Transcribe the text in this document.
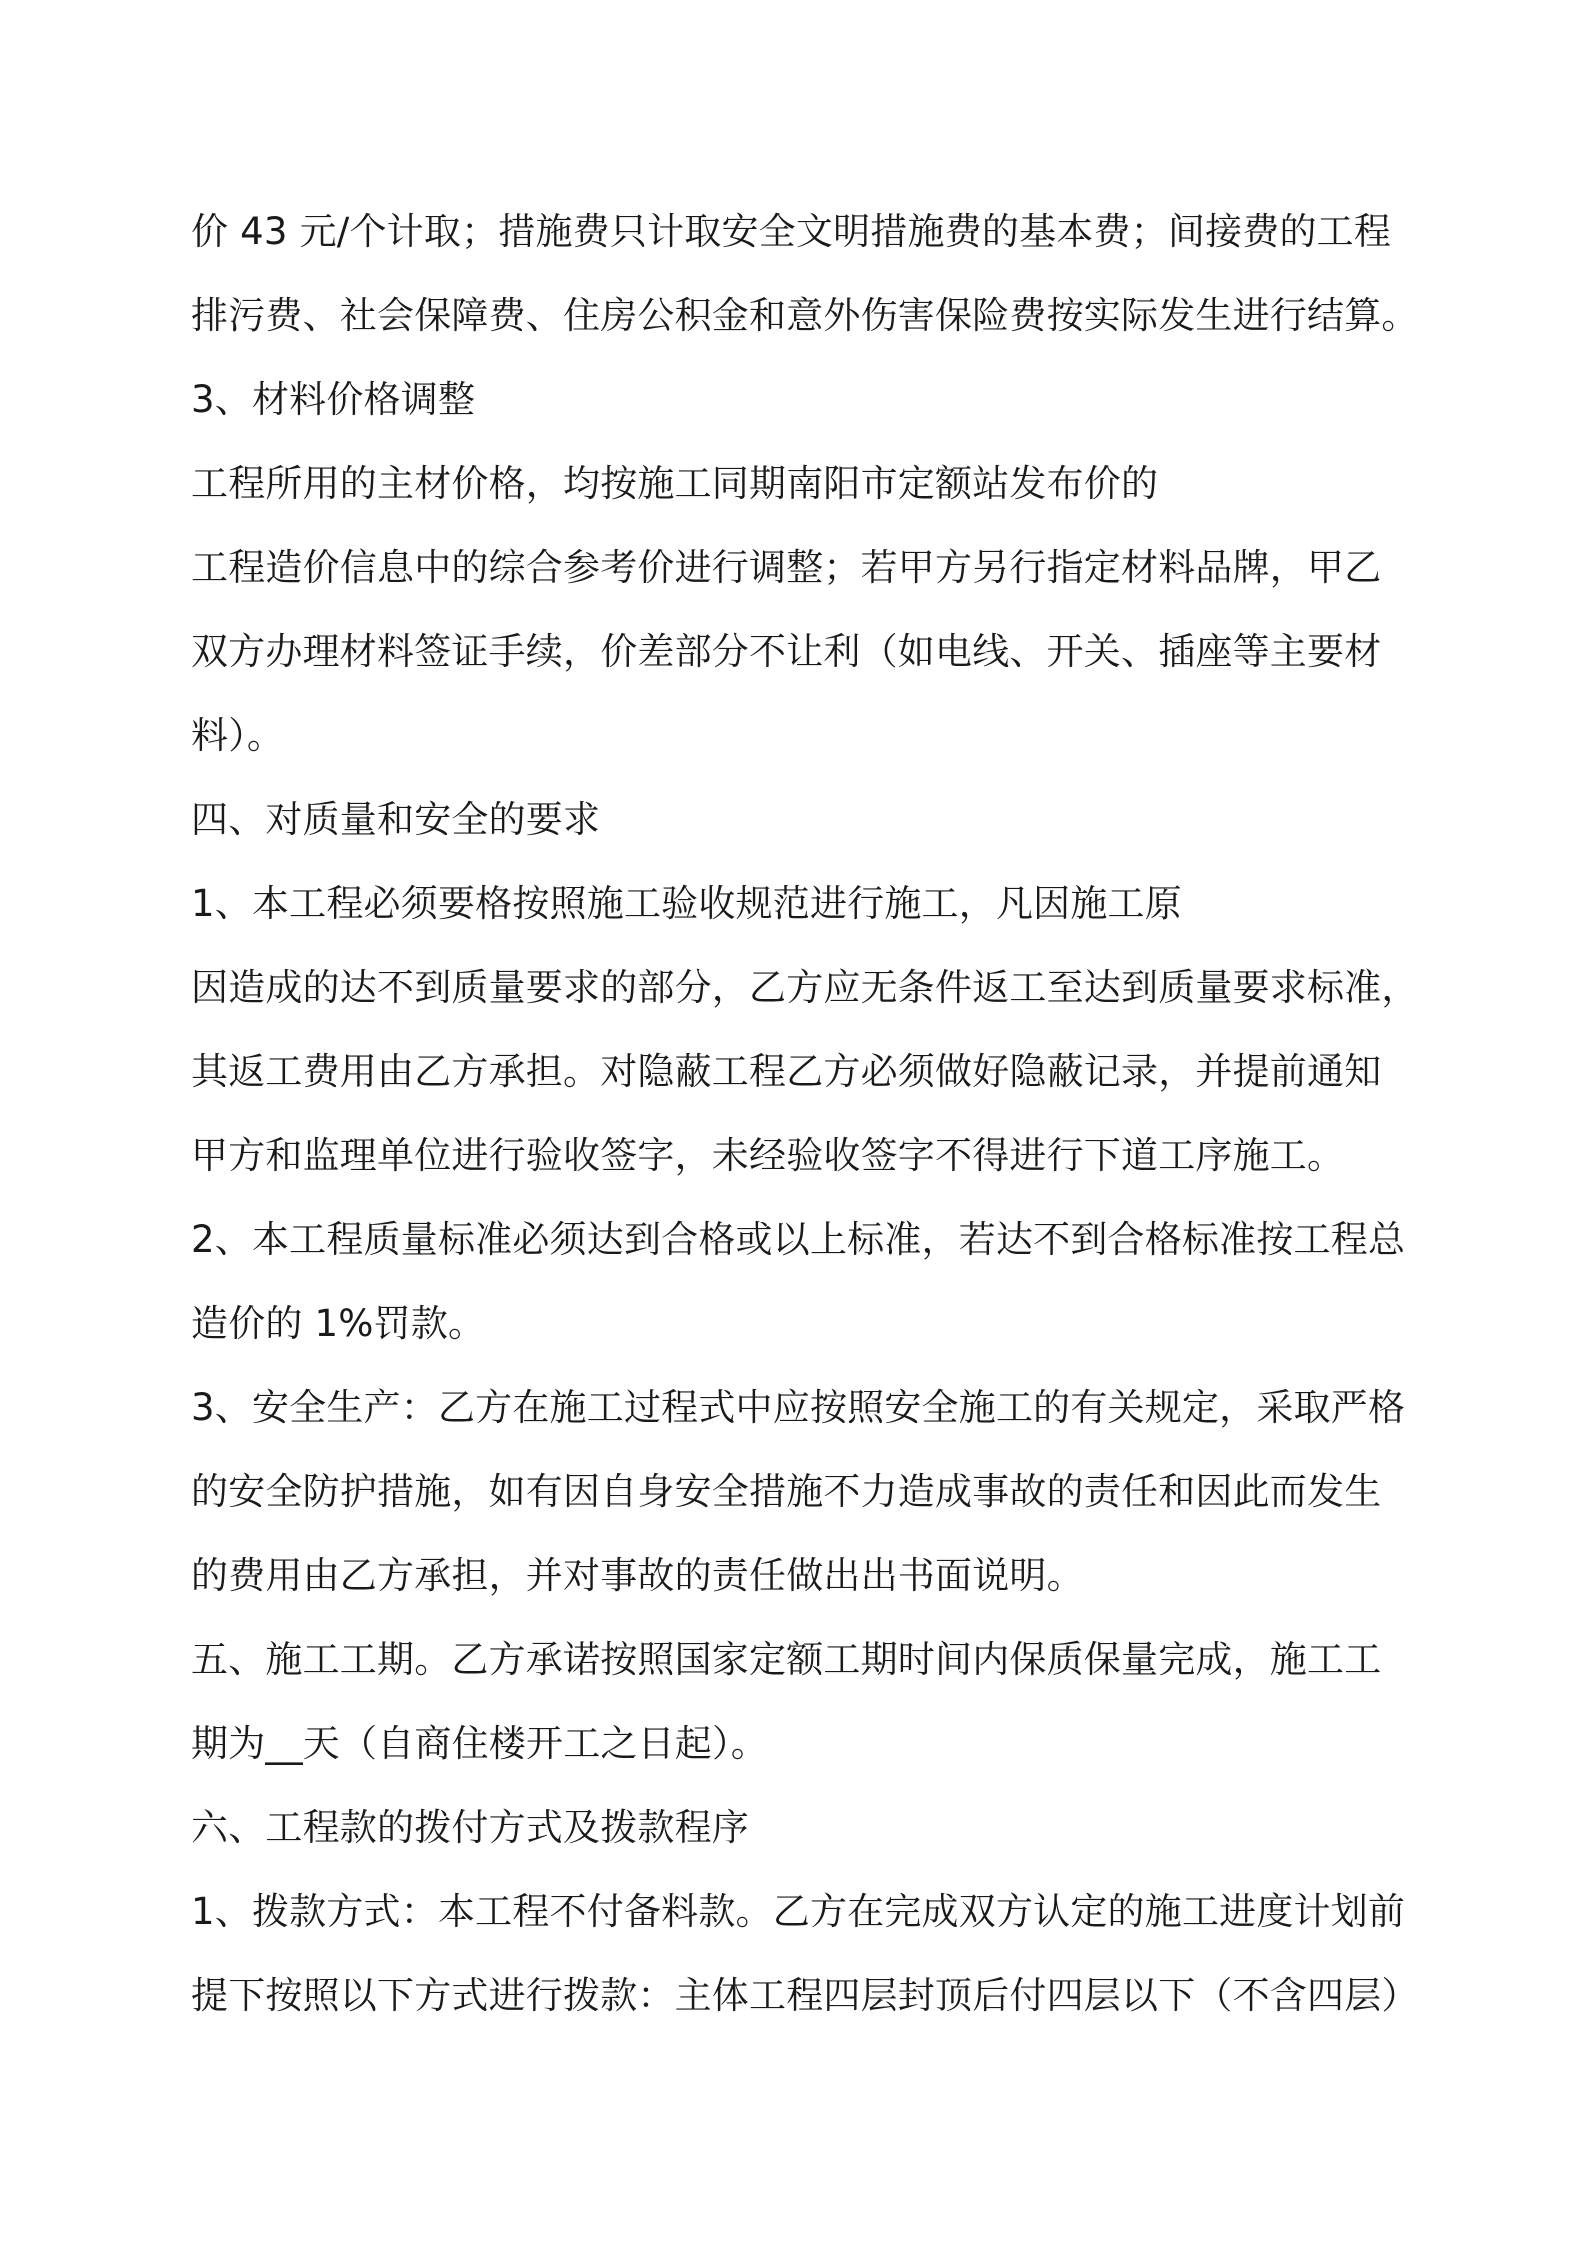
价 43 元/个计取；措施费只计取安全文明措施费的基本费；间接费的工程
排污费、社会保障费、住房公积金和意外伤害保险费按实际发生进行结算。
3、材料价格调整
工程所用的主材价格，均按施工同期南阳市定额站发布价的
工程造价信息中的综合参考价进行调整；若甲方另行指定材料品牌，甲乙
双方办理材料签证手续，价差部分不让利（如电线、开关、插座等主要材
料）。
四、对质量和安全的要求
1、本工程必须要格按照施工验收规范进行施工，凡因施工原
因造成的达不到质量要求的部分，乙方应无条件返工至达到质量要求标准，
其返工费用由乙方承担。对隐蔽工程乙方必须做好隐蔽记录，并提前通知
甲方和监理单位进行验收签字，未经验收签字不得进行下道工序施工。
2、本工程质量标准必须达到合格或以上标准，若达不到合格标准按工程总
造价的 1%罚款。
3、安全生产：乙方在施工过程式中应按照安全施工的有关规定，采取严格
的安全防护措施，如有因自身安全措施不力造成事故的责任和因此而发生
的费用由乙方承担，并对事故的责任做出出书面说明。
五、施工工期。乙方承诺按照国家定额工期时间内保质保量完成，施工工
期为__天（自商住楼开工之日起）。
六、工程款的拨付方式及拨款程序
1、拨款方式：本工程不付备料款。乙方在完成双方认定的施工进度计划前
提下按照以下方式进行拨款：主体工程四层封顶后付四层以下（不含四层）
